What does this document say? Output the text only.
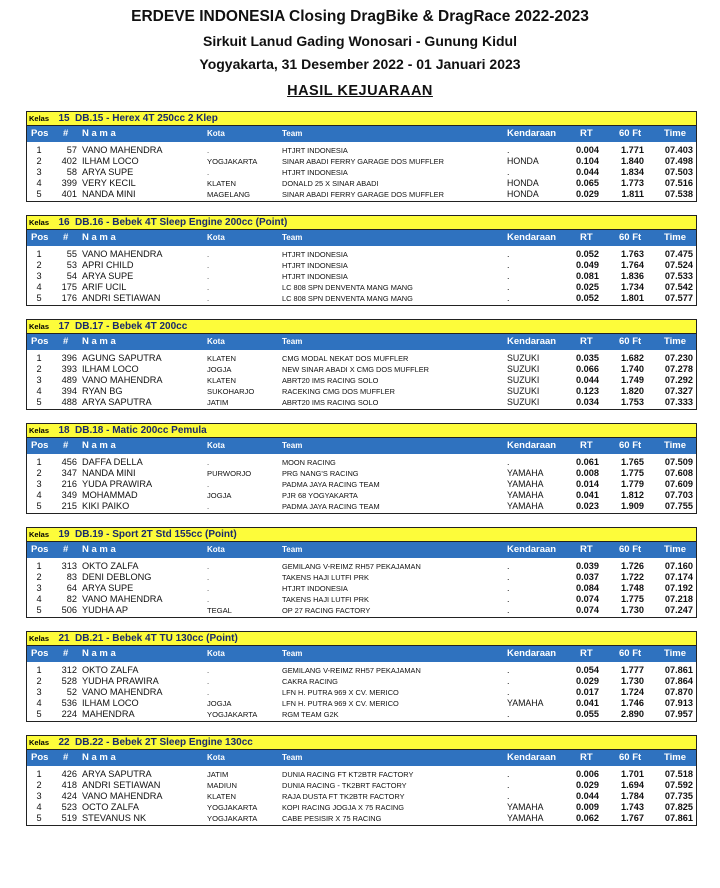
ERDEVE INDONESIA Closing DragBike & DragRace 2022-2023
Sirkuit Lanud Gading Wonosari - Gunung Kidul
Yogyakarta, 31 Desember 2022 - 01 Januari 2023
HASIL KEJUARAAN
Kelas 15 DB.15 - Herex 4T 250cc 2 Klep
Pos # N a m a	Kota	Team	Kendaraan	RT	60 Ft Time
1	57 VANO MAHENDRA	.	HTJRT INDONESIA	.	0.004	1.771	07.403
2	402 ILHAM LOCO	YOGJAKARTA	SINAR ABADI FERRY GARAGE DOS MUFFLER	HONDA	0.104	1.840	07.498
3	58 ARYA SUPE	.	HTJRT INDONESIA	.	0.044	1.834	07.503
4	399 VERY KECIL	KLATEN	DONALD 25 X SINAR ABADI	HONDA	0.065	1.773	07.516
5	401 NANDA MINI	MAGELANG	SINAR ABADI FERRY GARAGE DOS MUFFLER	HONDA	0.029	1.811	07.538
Kelas 16 DB.16 - Bebek 4T Sleep Engine 200cc (Point)
Pos # N a m a	Kota	Team	Kendaraan	RT	60 Ft Time
1	55 VANO MAHENDRA	.	HTJRT INDONESIA	.	0.052	1.763	07.475
2	53 APRI CHILD	.	HTJRT INDONESIA	.	0.049	1.764	07.524
3	54 ARYA SUPE	.	HTJRT INDONESIA	.	0.081	1.836	07.533
4	175 ARIF UCIL	.	LC 808 SPN DENVENTA MANG MANG	.	0.025	1.734	07.542
5	176 ANDRI SETIAWAN	.	LC 808 SPN DENVENTA MANG MANG	.	0.052	1.801	07.577
Kelas 17 DB.17 - Bebek 4T 200cc
Pos # N a m a	Kota	Team	Kendaraan	RT	60 Ft Time
1	396 AGUNG SAPUTRA	KLATEN	CMG MODAL NEKAT DOS MUFFLER	SUZUKI	0.035	1.682	07.230
2	393 ILHAM LOCO	JOGJA	NEW SINAR ABADI X CMG DOS MUFFLER	SUZUKI	0.066	1.740	07.278
3	489 VANO MAHENDRA	KLATEN	ABRT20 IMS RACING SOLO	SUZUKI	0.044	1.749	07.292
4	394 RYAN BG	SUKOHARJO	RACEKING CMG DOS MUFFLER	SUZUKI	0.123	1.820	07.327
5	488 ARYA SAPUTRA	JATIM	ABRT20 IMS RACING SOLO	SUZUKI	0.034	1.753	07.333
Kelas 18 DB.18 - Matic 200cc Pemula
Pos # N a m a	Kota	Team	Kendaraan	RT	60 Ft Time
1	456 DAFFA DELLA	.	MOON RACING	.	0.061	1.765	07.509
2	347 NANDA MINI	PURWORJO	PRG NANG'S RACING	YAMAHA	0.008	1.775	07.608
3	216 YUDA PRAWIRA	.	PADMA JAYA RACING TEAM	YAMAHA	0.014	1.779	07.609
4	349 MOHAMMAD	JOGJA	PJR 68 YOGYAKARTA	YAMAHA	0.041	1.812	07.703
5	215 KIKI PAIKO	.	PADMA JAYA RACING TEAM	YAMAHA	0.023	1.909	07.755
Kelas 19 DB.19 - Sport 2T Std 155cc (Point)
Pos # N a m a	Kota	Team	Kendaraan	RT	60 Ft Time
1	313 OKTO ZALFA	.	GEMILANG V-REIMZ RH57 PEKAJAMAN	.	0.039	1.726	07.160
2	83 DENI DEBLONG	.	TAKENS HAJI LUTFI PRK	.	0.037	1.722	07.174
3	64 ARYA SUPE	.	HTJRT INDONESIA	.	0.084	1.748	07.192
4	82 VANO MAHENDRA	.	TAKENS HAJI LUTFI PRK	.	0.074	1.775	07.218
5	506 YUDHA AP	TEGAL	OP 27 RACING FACTORY	.	0.074	1.730	07.247
Kelas 21 DB.21 - Bebek 4T TU 130cc (Point)
Pos # N a m a	Kota	Team	Kendaraan	RT	60 Ft Time
1	312 OKTO ZALFA	.	GEMILANG V-REIMZ RH57 PEKAJAMAN	.	0.054	1.777	07.861
2	528 YUDHA PRAWIRA	.	CAKRA RACING	.	0.029	1.730	07.864
3	52 VANO MAHENDRA	.	LFN H. PUTRA 969 X CV. MERICO	.	0.017	1.724	07.870
4	536 ILHAM LOCO	JOGJA	LFN H. PUTRA 969 X CV. MERICO	YAMAHA	0.041	1.746	07.913
5	224 MAHENDRA	YOGJAKARTA	RGM TEAM G2K	.	0.055	2.890	07.957
Kelas 22 DB.22 - Bebek 2T Sleep Engine 130cc
Pos # N a m a	Kota	Team	Kendaraan	RT	60 Ft Time
1	426 ARYA SAPUTRA	JATIM	DUNIA RACING FT KT2BTR FACTORY	.	0.006	1.701	07.518
2	418 ANDRI SETIAWAN	MADIUN	DUNIA RACING - TK2BRT FACTORY	.	0.029	1.694	07.592
3	424 VANO MAHENDRA	KLATEN	RAJA DUSTA FT TK2BTR FACTORY	.	0.044	1.784	07.735
4	523 OCTO ZALFA	YOGJAKARTA	KOPI RACING JOGJA X 75 RACING	YAMAHA	0.009	1.743	07.825
5	519 STEVANUS NK	YOGJAKARTA	CABE PESISIR X 75 RACING	YAMAHA	0.062	1.767	07.861
